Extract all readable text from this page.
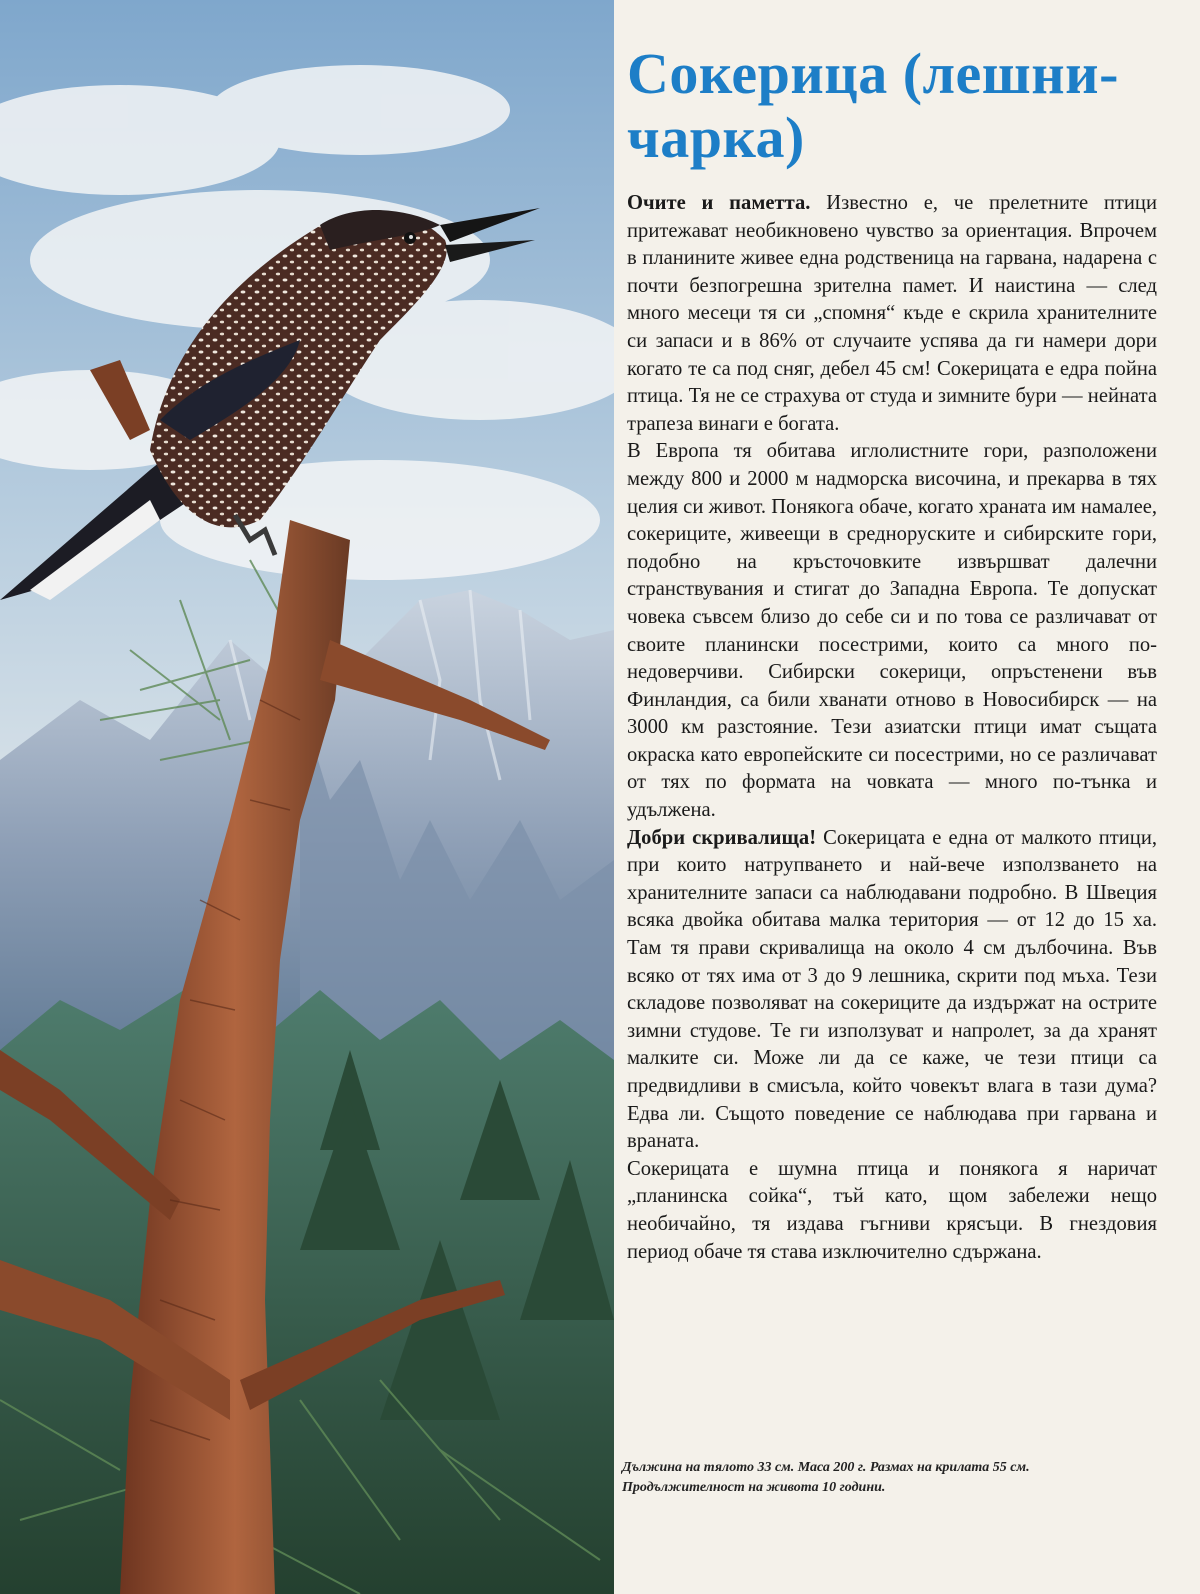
Сокерица (лешни-чарка)

Очите и паметта. Известно е, че прелетните птици притежават необикновено чувство за ориентация. Впрочем в планините живее една родственица на гарвана, надарена с почти безпогрешна зрителна памет. И наистина — след много месеци тя си „спомня“ къде е скрила хранителните си запаси и в 86% от случаите успява да ги намери дори когато те са под сняг, дебел 45 см! Сокерицата е едра пойна птица. Тя не се страхува от студа и зимните бури — нейната трапеза винаги е богата.

В Европа тя обитава иглолистните гори, разположени между 800 и 2000 м надморска височина, и прекарва в тях целия си живот. Понякога обаче, когато храната им намалее, сокериците, живеещи в средноруските и сибирските гори, подобно на кръсточовките извършват далечни странствувания и стигат до Западна Европа. Те допускат човека съвсем близо до себе си и по това се различават от своите планински посестрими, които са много по-недоверчиви. Сибирски сокерици, опръстенени във Финландия, са били хванати отново в Новосибирск — на 3000 км разстояние. Тези азиатски птици имат същата окраска като европейските си посестрими, но се различават от тях по формата на човката — много по-тънка и удължена.

Добри скривалища! Сокерицата е една от малкото птици, при които натрупването и най-вече използването на хранителните запаси са наблюдавани подробно. В Швеция всяка двойка обитава малка територия — от 12 до 15 ха. Там тя прави скривалища на около 4 см дълбочина. Във всяко от тях има от 3 до 9 лешника, скрити под мъха. Тези складове позволяват на сокериците да издържат на острите зимни студове. Те ги използуват и напролет, за да хранят малките си. Може ли да се каже, че тези птици са предвидливи в смисъла, който човекът влага в тази дума? Едва ли. Същото поведение се наблюдава при гарвана и враната.

Сокерицата е шумна птица и понякога я наричат „планинска сойка“, тъй като, щом забележи нещо необичайно, тя издава гъгниви крясъци. В гнездовия период обаче тя става изключително сдържана.

Дължина на тялото 33 см. Маса 200 г. Размах на крилата 55 см.
Продължителност на живота 10 години.
